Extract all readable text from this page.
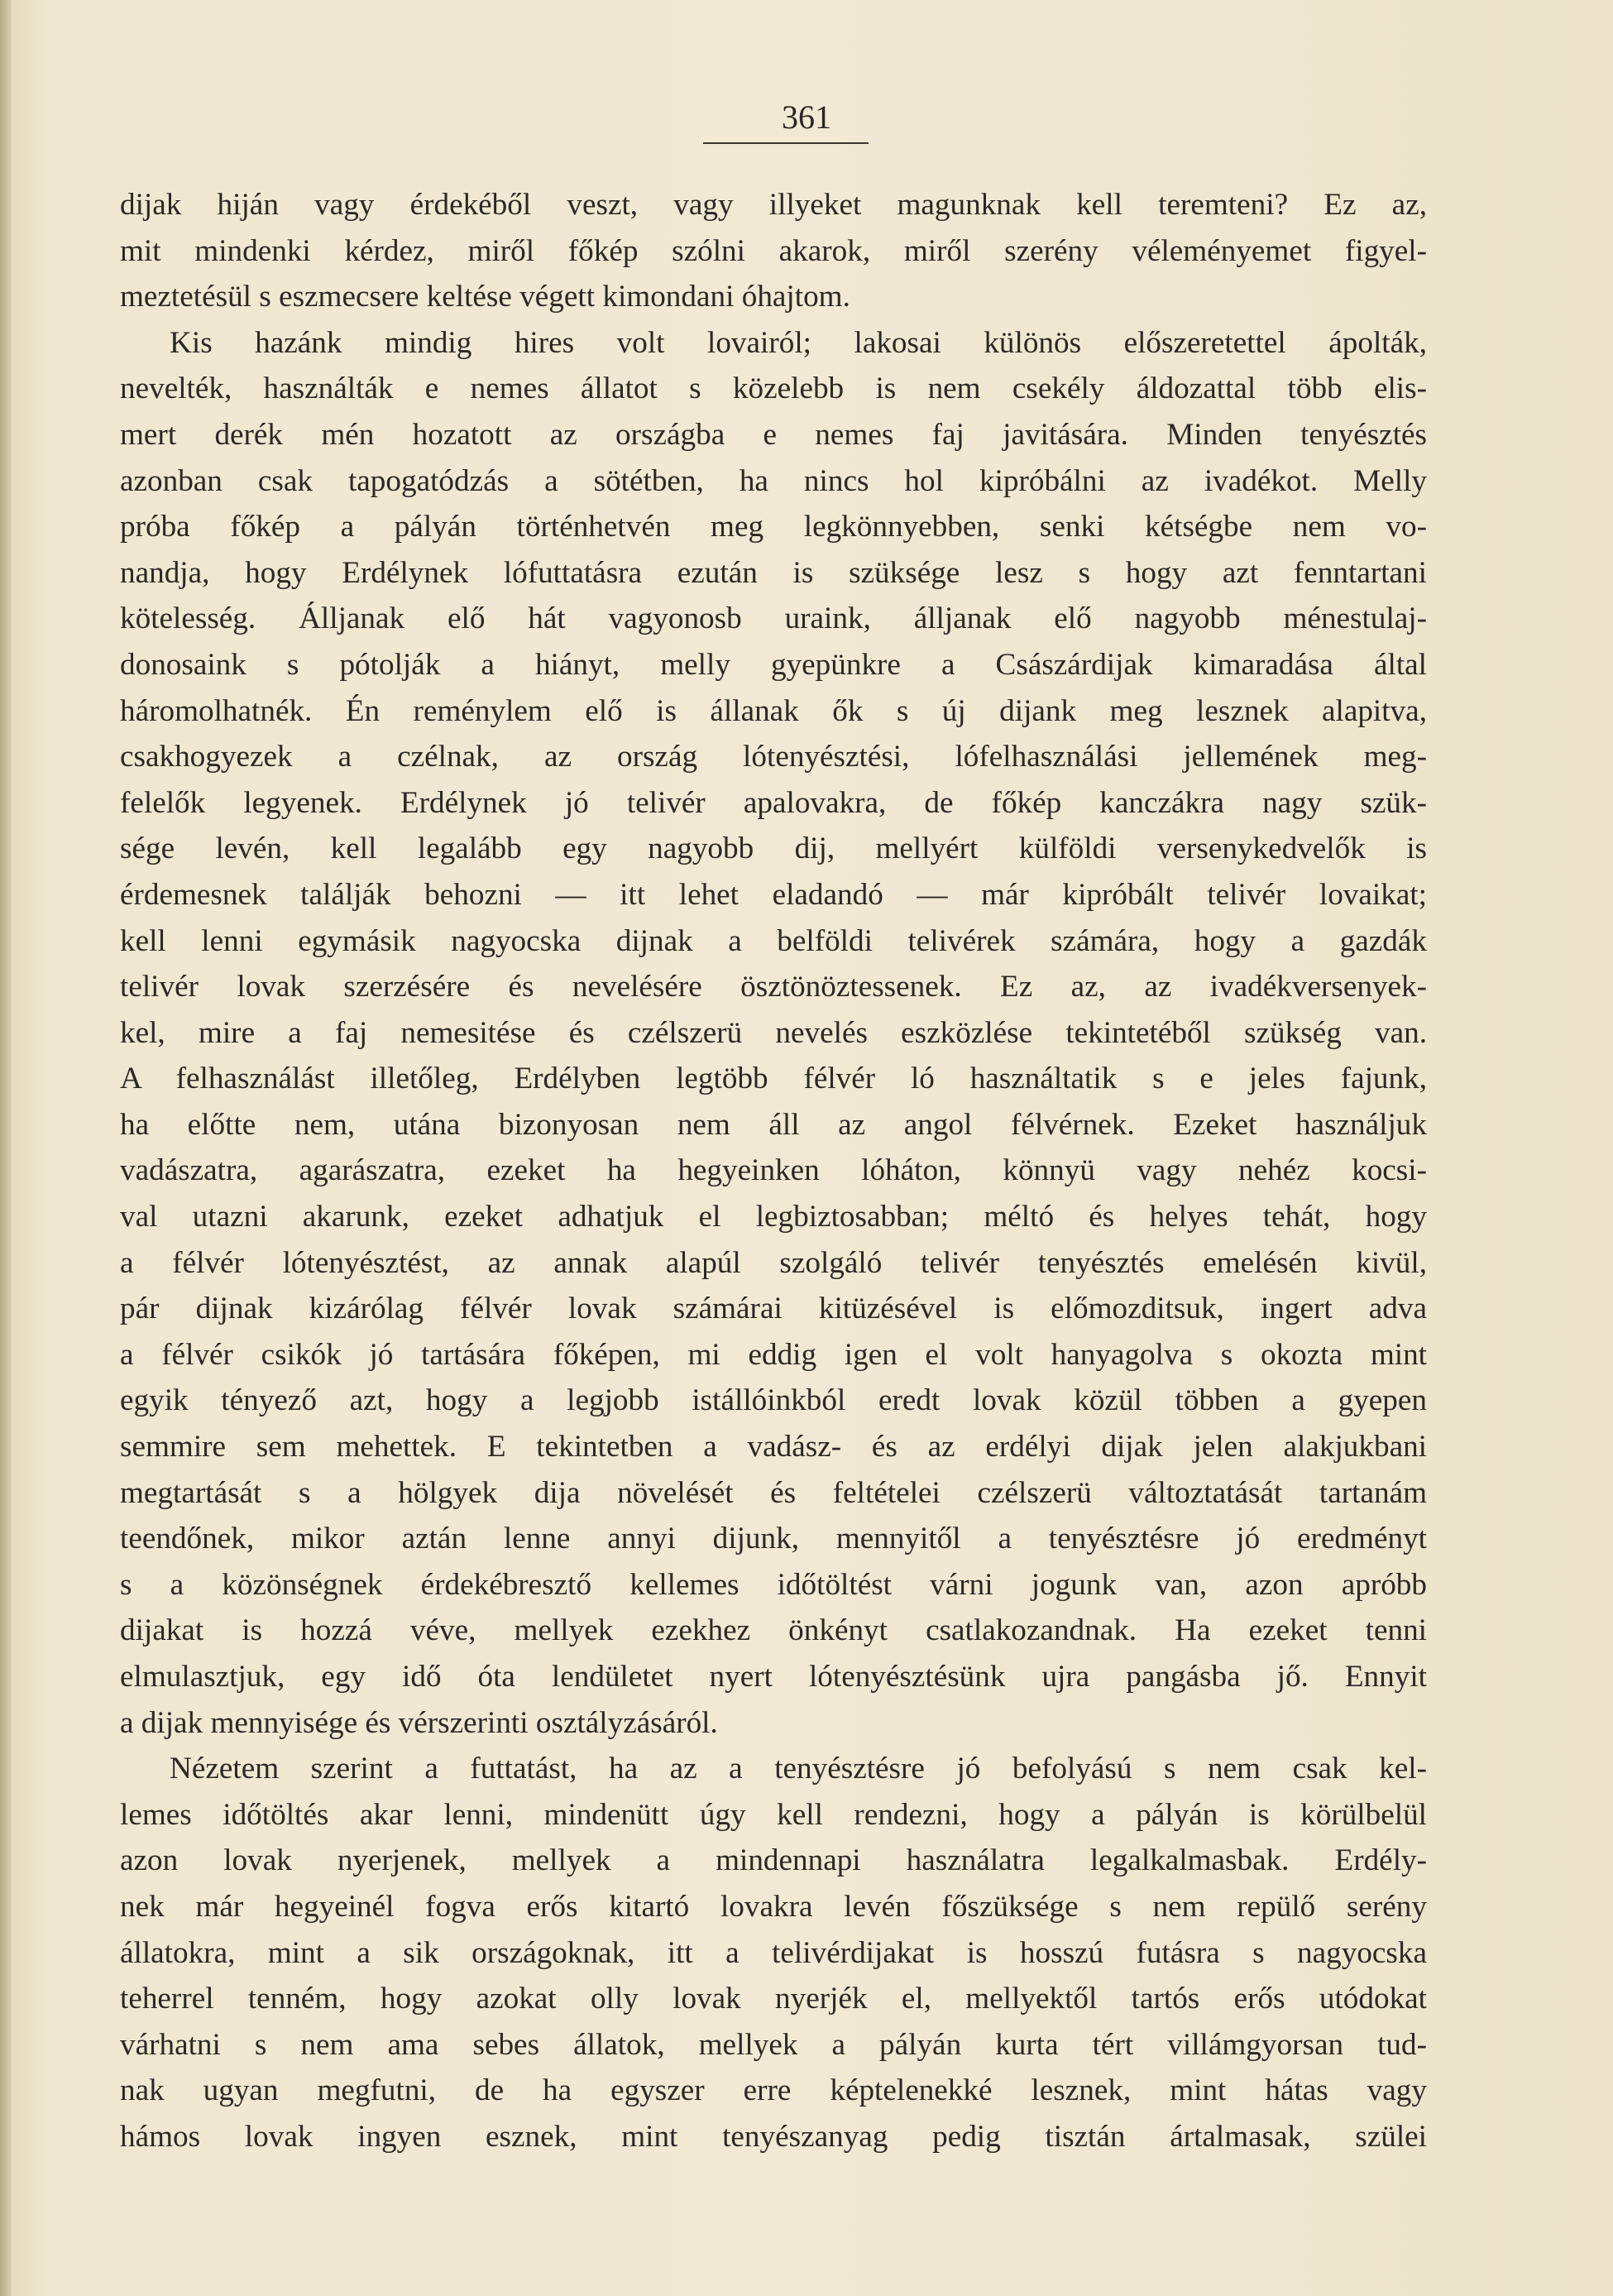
361
dijak hiján vagy érdekéből veszt, vagy illyeket magunknak kell teremteni? Ez az,
mit mindenki kérdez, miről főkép szólni akarok, miről szerény véleményemet figyel-
meztetésül s eszmecsere keltése végett kimondani óhajtom.
Kis hazánk mindig hires volt lovairól; lakosai különös előszeretettel ápolták,
nevelték, használták e nemes állatot s közelebb is nem csekély áldozattal több elis-
mert derék mén hozatott az országba e nemes faj javitására. Minden tenyésztés
azonban csak tapogatódzás a sötétben, ha nincs hol kipróbálni az ivadékot. Melly
próba főkép a pályán történhetvén meg legkönnyebben, senki kétségbe nem vo-
nandja, hogy Erdélynek lófuttatásra ezután is szüksége lesz s hogy azt fenntartani
kötelesség. Álljanak elő hát vagyonosb uraink, álljanak elő nagyobb ménestulaj-
donosaink s pótolják a hiányt, melly gyepünkre a Császárdijak kimaradása által
háromolhatnék. Én reménylem elő is állanak ők s új dijank meg lesznek alapitva,
csakhogyezek a czélnak, az ország lótenyésztési, lófelhasználási jellemének meg-
felelők legyenek. Erdélynek jó telivér apalovakra, de főkép kanczákra nagy szük-
sége levén, kell legalább egy nagyobb dij, mellyért külföldi versenykedvelők is
érdemesnek találják behozni — itt lehet eladandó — már kipróbált telivér lovaikat;
kell lenni egymásik nagyocska dijnak a belföldi telivérek számára, hogy a gazdák
telivér lovak szerzésére és nevelésére ösztönöztessenek. Ez az, az ivadékversenyek-
kel, mire a faj nemesitése és czélszerü nevelés eszközlése tekintetéből szükség van.
A felhasználást illetőleg, Erdélyben legtöbb félvér ló használtatik s e jeles fajunk,
ha előtte nem, utána bizonyosan nem áll az angol félvérnek. Ezeket használjuk
vadászatra, agarászatra, ezeket ha hegyeinken lóháton, könnyü vagy nehéz kocsi-
val utazni akarunk, ezeket adhatjuk el legbiztosabban; méltó és helyes tehát, hogy
a félvér lótenyésztést, az annak alapúl szolgáló telivér tenyésztés emelésén kivül,
pár dijnak kizárólag félvér lovak számárai kitüzésével is előmozditsuk, ingert adva
a félvér csikók jó tartására főképen, mi eddig igen el volt hanyagolva s okozta mint
egyik tényező azt, hogy a legjobb istállóinkból eredt lovak közül többen a gyepen
semmire sem mehettek. E tekintetben a vadász- és az erdélyi dijak jelen alakjukbani
megtartását s a hölgyek dija növelését és feltételei czélszerü változtatását tartanám
teendőnek, mikor aztán lenne annyi dijunk, mennyitől a tenyésztésre jó eredményt
s a közönségnek érdekébresztő kellemes időtöltést várni jogunk van, azon apróbb
dijakat is hozzá véve, mellyek ezekhez önkényt csatlakozandnak. Ha ezeket tenni
elmulasztjuk, egy idő óta lendületet nyert lótenyésztésünk ujra pangásba jő. Ennyit
a dijak mennyisége és vérszerinti osztályzásáról.
Nézetem szerint a futtatást, ha az a tenyésztésre jó befolyású s nem csak kel-
lemes időtöltés akar lenni, mindenütt úgy kell rendezni, hogy a pályán is körülbelül
azon lovak nyerjenek, mellyek a mindennapi használatra legalkalmasbak. Erdély-
nek már hegyeinél fogva erős kitartó lovakra levén főszüksége s nem repülő serény
állatokra, mint a sik országoknak, itt a telivérdijakat is hosszú futásra s nagyocska
teherrel tenném, hogy azokat olly lovak nyerjék el, mellyektől tartós erős utódokat
várhatni s nem ama sebes állatok, mellyek a pályán kurta tért villámgyorsan tud-
nak ugyan megfutni, de ha egyszer erre képtelenekké lesznek, mint hátas vagy
hámos lovak ingyen esznek, mint tenyészanyag pedig tisztán ártalmasak, szülei
